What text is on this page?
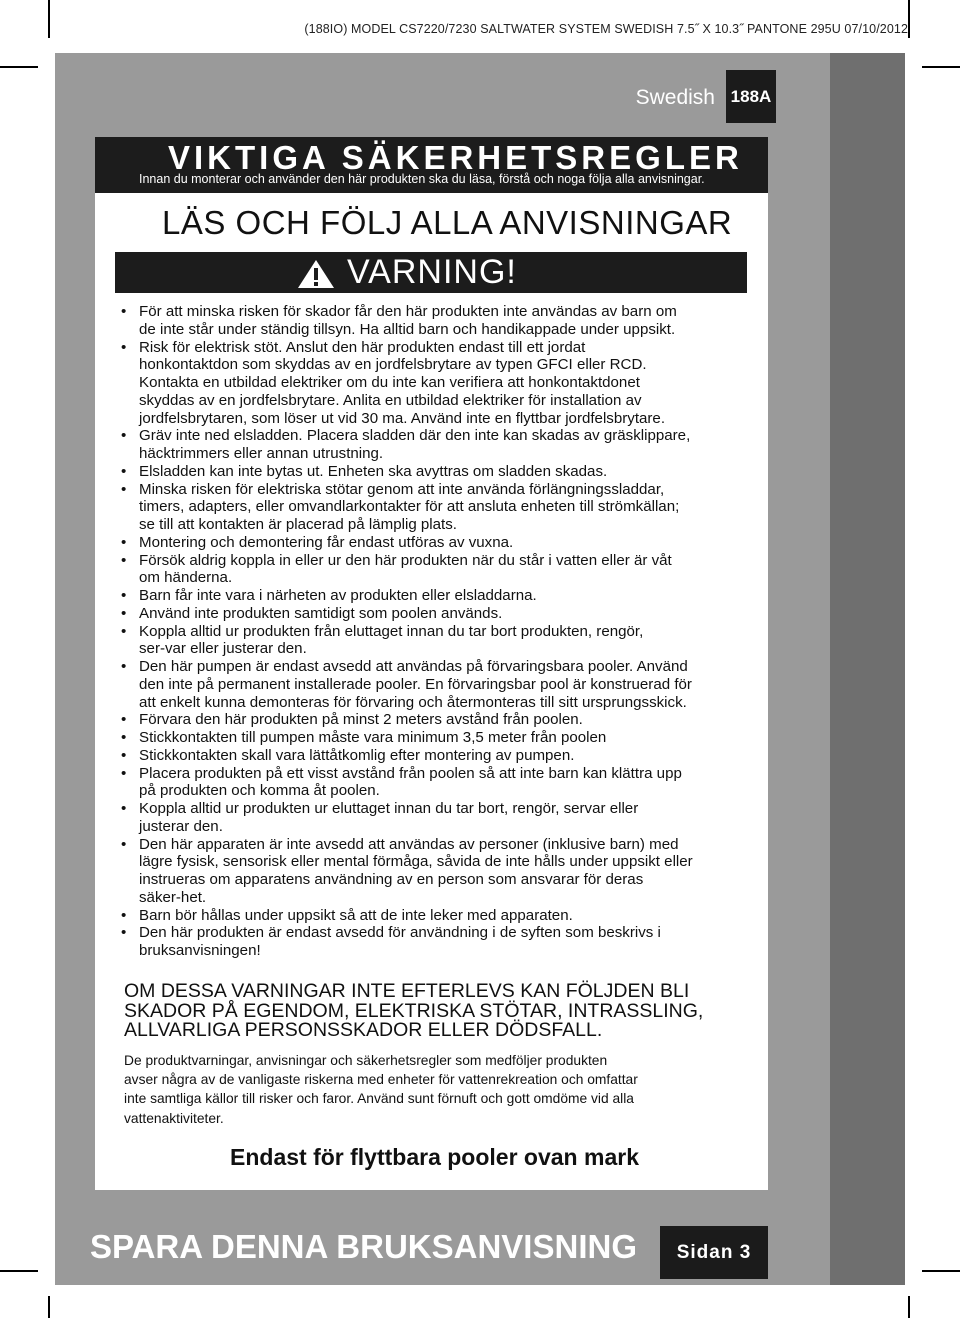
(188IO) MODEL CS7220/7230 SALTWATER SYSTEM SWEDISH 7.5˝ X 10.3˝ PANTONE 295U 07/10/2012
Swedish 188A
VIKTIGA SÄKERHETSREGLER
Innan du monterar och använder den här produkten ska du läsa, förstå och noga följa alla anvisningar.
LÄS OCH FÖLJ ALLA ANVISNINGAR
VARNING!
• För att minska risken för skador får den här produkten inte användas av barn om
de inte står under ständig tillsyn. Ha alltid barn och handikappade under uppsikt.
• Risk för elektrisk stöt. Anslut den här produkten endast till ett jordat
honkontaktdon som skyddas av en jordfelsbrytare av typen GFCI eller RCD.
Kontakta en utbildad elektriker om du inte kan verifiera att honkontaktdonet
skyddas av en jordfelsbrytare. Anlita en utbildad elektriker för installation av
jordfelsbrytaren, som löser ut vid 30 ma. Använd inte en flyttbar jordfelsbrytare.
• Gräv inte ned elsladden. Placera sladden där den inte kan skadas av gräsklippare,
häcktrimmers eller annan utrustning.
• Elsladden kan inte bytas ut. Enheten ska avyttras om sladden skadas.
• Minska risken för elektriska stötar genom att inte använda förlängningssladdar,
timers, adapters, eller omvandlarkontakter för att ansluta enheten till strömkällan;
se till att kontakten är placerad på lämplig plats.
• Montering och demontering får endast utföras av vuxna.
• Försök aldrig koppla in eller ur den här produkten när du står i vatten eller är våt
om händerna.
• Barn får inte vara i närheten av produkten eller elsladdarna.
• Använd inte produkten samtidigt som poolen används.
• Koppla alltid ur produkten från eluttaget innan du tar bort produkten, rengör,
ser-var eller justerar den.
• Den här pumpen är endast avsedd att användas på förvaringsbara pooler. Använd
den inte på permanent installerade pooler. En förvaringsbar pool är konstruerad för
att enkelt kunna demonteras för förvaring och återmonteras till sitt ursprungsskick.
• Förvara den här produkten på minst 2 meters avstånd från poolen.
• Stickkontakten till pumpen måste vara minimum 3,5 meter från poolen
• Stickkontakten skall vara lättåtkomlig efter montering av pumpen.
• Placera produkten på ett visst avstånd från poolen så att inte barn kan klättra upp
på produkten och komma åt poolen.
• Koppla alltid ur produkten ur eluttaget innan du tar bort, rengör, servar eller
justerar den.
• Den här apparaten är inte avsedd att användas av personer (inklusive barn) med
lägre fysisk, sensorisk eller mental förmåga, såvida de inte hålls under uppsikt eller
instrueras om apparatens användning av en person som ansvarar för deras
säker-het.
• Barn bör hållas under uppsikt så att de inte leker med apparaten.
• Den här produkten är endast avsedd för användning i de syften som beskrivs i
bruksanvisningen!
OM DESSA VARNINGAR INTE EFTERLEVS KAN FÖLJDEN BLI
SKADOR PÅ EGENDOM, ELEKTRISKA STÖTAR, INTRASSLING,
ALLVARLIGA PERSONSSKADOR ELLER DÖDSFALL.
De produktvarningar, anvisningar och säkerhetsregler som medföljer produkten
avser några av de vanligaste riskerna med enheter för vattenrekreation och omfattar
inte samtliga källor till risker och faror. Använd sunt förnuft och gott omdöme vid alla
vattenaktiviteter.
Endast för flyttbara pooler ovan mark
SPARA DENNA BRUKSANVISNING	Sidan 3
